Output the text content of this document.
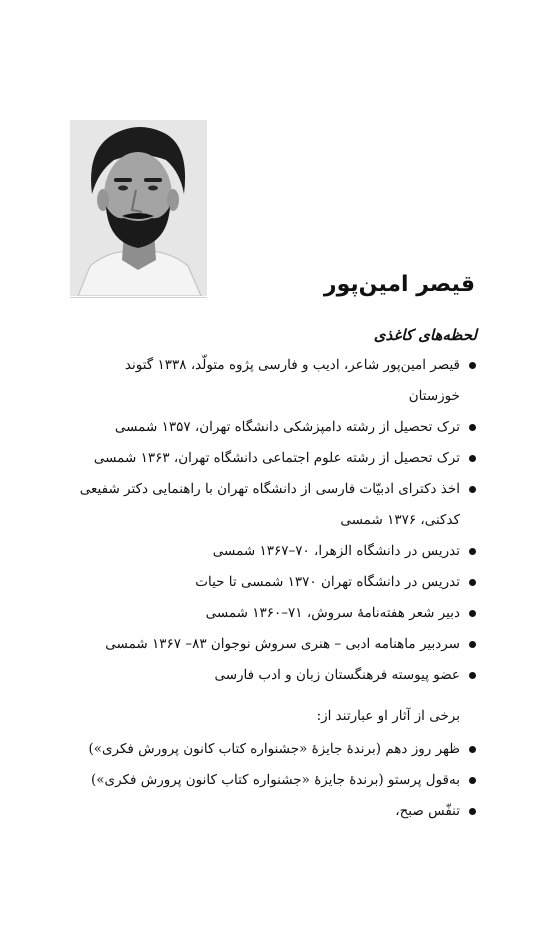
قیصر امین‌پور
لحظه‌های کاغذی
قیصر امین‌پور شاعر، ادیب و فارسی پژوه متولّد، ۱۳۳۸ گتوند خوزستان
ترک تحصیل از رشته دامپزشکی دانشگاه تهران، ۱۳۵۷ شمسی
ترک تحصیل از رشته علوم اجتماعی دانشگاه تهران، ۱۳۶۳ شمسی
اخذ دکترای ادبیّات فارسی از دانشگاه تهران با راهنمایی دکتر شفیعی کدکنی، ۱۳۷۶ شمسی
تدریس در دانشگاه الزهرا، ۷۰–۱۳۶۷ شمسی
تدریس در دانشگاه تهران ۱۳۷۰ شمسی تا حیات
دبیر شعر هفته‌نامهٔ سروش، ۷۱–۱۳۶۰ شمسی
سردبیر ماهنامه ادبی – هنری سروش نوجوان ۸۳– ۱۳۶۷ شمسی
عضو پیوسته فرهنگستان زبان و ادب فارسی

برخی از آثار او عبارتند از:

ظهر روز دهم (برندهٔ جایزهٔ «جشنواره کتاب کانون پرورش فکری»)
به‌قول پرستو (برندهٔ جایزهٔ «جشنواره کتاب کانون پرورش فکری»)
تنفّس صبح،
